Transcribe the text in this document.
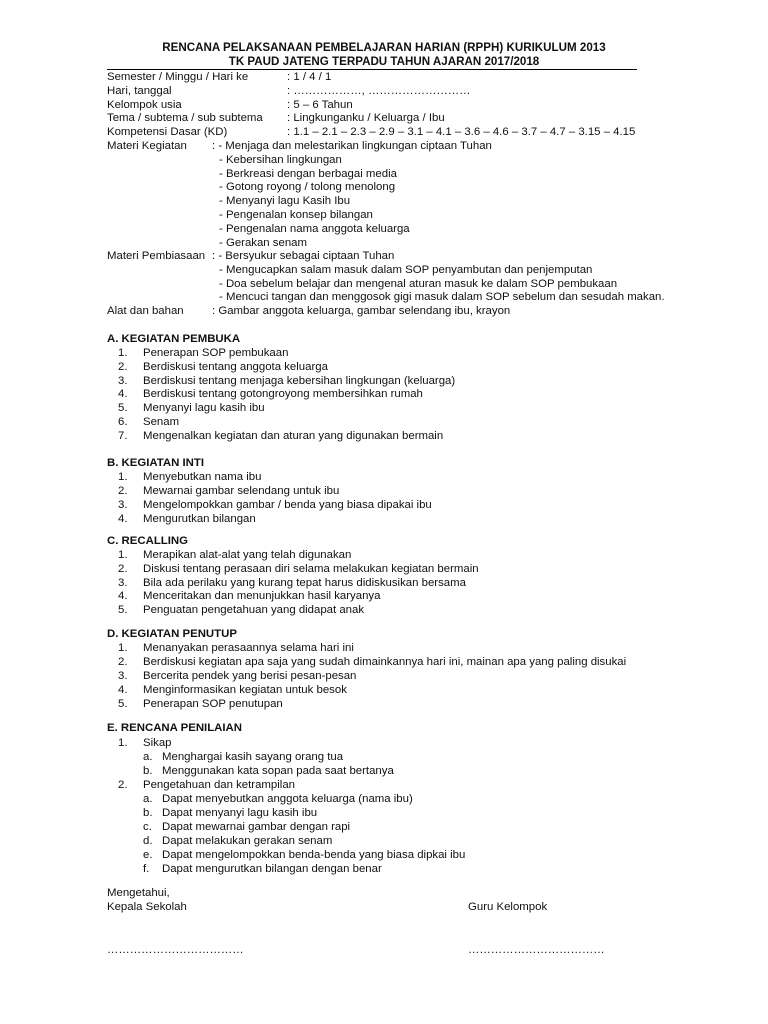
RENCANA PELAKSANAAN PEMBELAJARAN HARIAN (RPPH) KURIKULUM 2013
TK PAUD JATENG TERPADU TAHUN AJARAN 2017/2018
Semester / Minggu / Hari ke	: 1 / 4 / 1
Hari, tanggal	: ………………, ………………………
Kelompok usia	: 5 – 6 Tahun
Tema / subtema / sub subtema : Lingkunganku / Keluarga / Ibu
Kompetensi Dasar (KD)	: 1.1 – 2.1 – 2.3 – 2.9 – 3.1 – 4.1 – 3.6 – 4.6 – 3.7 – 4.7 – 3.15 – 4.15
Materi Kegiatan : - Menjaga dan melestarikan lingkungan ciptaan Tuhan
- Kebersihan lingkungan
- Berkreasi dengan berbagai media
- Gotong royong / tolong menolong
- Menyanyi lagu Kasih Ibu
- Pengenalan konsep bilangan
- Pengenalan nama anggota keluarga
- Gerakan senam
Materi Pembiasaan : - Bersyukur sebagai ciptaan Tuhan
- Mengucapkan salam masuk dalam SOP penyambutan dan penjemputan
- Doa sebelum belajar dan mengenal aturan masuk ke dalam SOP pembukaan
- Mencuci tangan dan menggosok gigi masuk dalam SOP sebelum dan sesudah makan.
Alat dan bahan : Gambar anggota keluarga, gambar selendang ibu, krayon
A. KEGIATAN PEMBUKA
1. Penerapan SOP pembukaan
2. Berdiskusi tentang anggota keluarga
3. Berdiskusi tentang menjaga kebersihan lingkungan (keluarga)
4. Berdiskusi tentang gotongroyong membersihkan rumah
5. Menyanyi lagu kasih ibu
6. Senam
7. Mengenalkan kegiatan dan aturan yang digunakan bermain
B. KEGIATAN INTI
1. Menyebutkan nama ibu
2. Mewarnai gambar selendang untuk ibu
3. Mengelompokkan gambar / benda yang biasa dipakai ibu
4. Mengurutkan bilangan
C. RECALLING
1. Merapikan alat-alat yang telah digunakan
2. Diskusi tentang perasaan diri selama melakukan kegiatan bermain
3. Bila ada perilaku yang kurang tepat harus didiskusikan bersama
4. Menceritakan dan menunjukkan hasil karyanya
5. Penguatan pengetahuan yang didapat anak
D. KEGIATAN PENUTUP
1. Menanyakan perasaannya selama hari ini
2. Berdiskusi kegiatan apa saja yang sudah dimainkannya hari ini, mainan apa yang paling disukai
3. Bercerita pendek yang berisi pesan-pesan
4. Menginformasikan kegiatan untuk besok
5. Penerapan SOP penutupan
E. RENCANA PENILAIAN
1. Sikap
a. Menghargai kasih sayang orang tua
b. Menggunakan kata sopan pada saat bertanya
2. Pengetahuan dan ketrampilan
a. Dapat menyebutkan anggota keluarga (nama ibu)
b. Dapat menyanyi lagu kasih ibu
c. Dapat mewarnai gambar dengan rapi
d. Dapat melakukan gerakan senam
e. Dapat mengelompokkan benda-benda yang biasa dipkai ibu
f. Dapat mengurutkan bilangan dengan benar
Mengetahui,
Kepala Sekolah	Guru Kelompok
………………………………	………………………………
